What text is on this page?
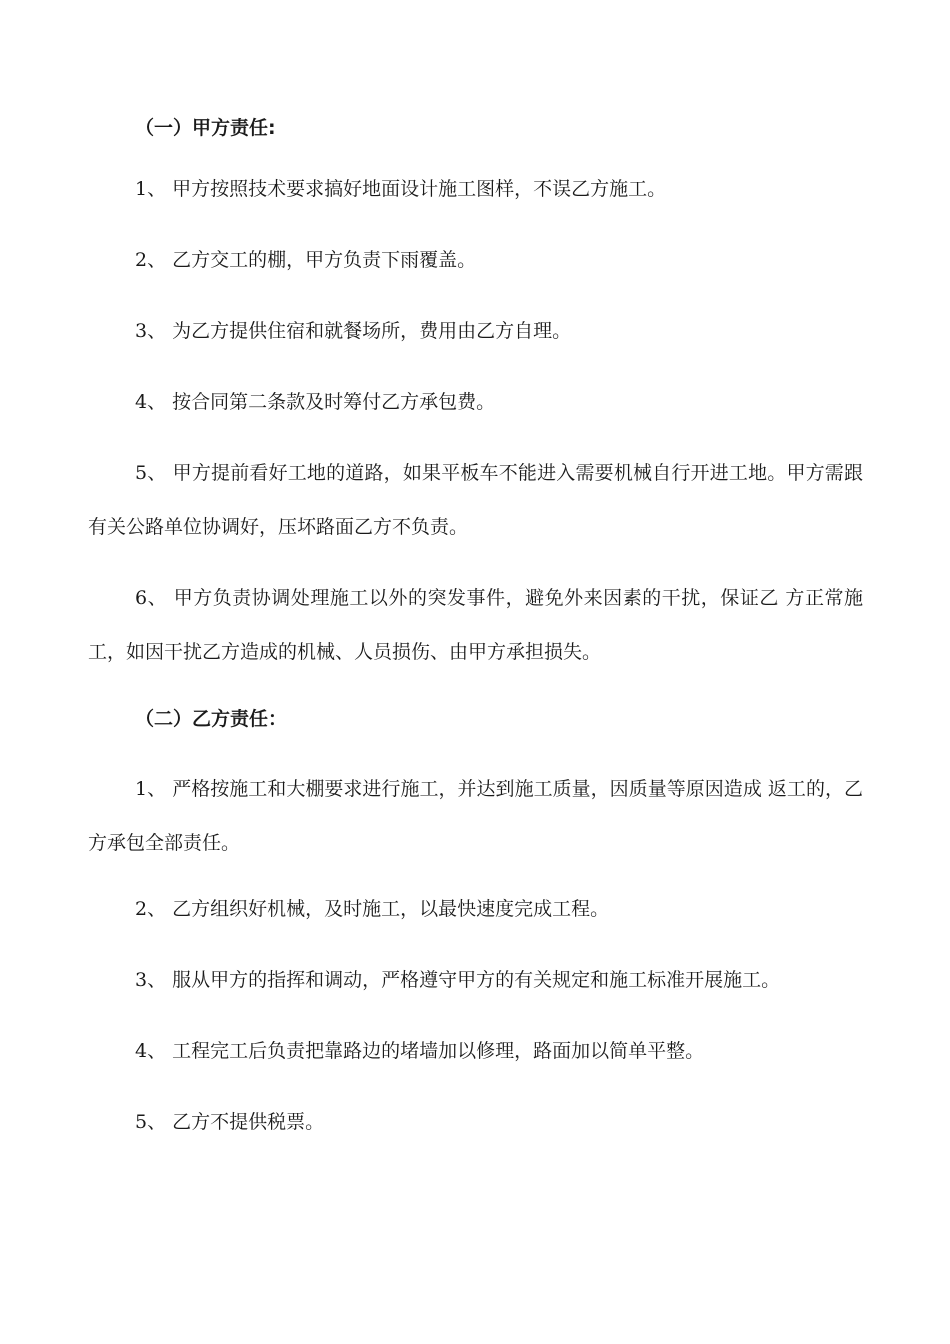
（一）甲方责任:
1、 甲方按照技术要求搞好地面设计施工图样，不误乙方施工。
2、 乙方交工的棚，甲方负责下雨覆盖。
3、 为乙方提供住宿和就餐场所，费用由乙方自理。
4、 按合同第二条款及时筹付乙方承包费。
5、 甲方提前看好工地的道路，如果平板车不能进入需要机械自行开进工地。甲方需跟有关公路单位协调好，压坏路面乙方不负责。
6、 甲方负责协调处理施工以外的突发事件，避免外来因素的干扰，保证乙 方正常施工，如因干扰乙方造成的机械、人员损伤、由甲方承担损失。
（二）乙方责任：
1、 严格按施工和大棚要求进行施工，并达到施工质量，因质量等原因造成 返工的，乙方承包全部责任。
2、 乙方组织好机械，及时施工，以最快速度完成工程。
3、 服从甲方的指挥和调动，严格遵守甲方的有关规定和施工标准开展施工。
4、 工程完工后负责把靠路边的堵墙加以修理，路面加以简单平整。
5、 乙方不提供税票。
